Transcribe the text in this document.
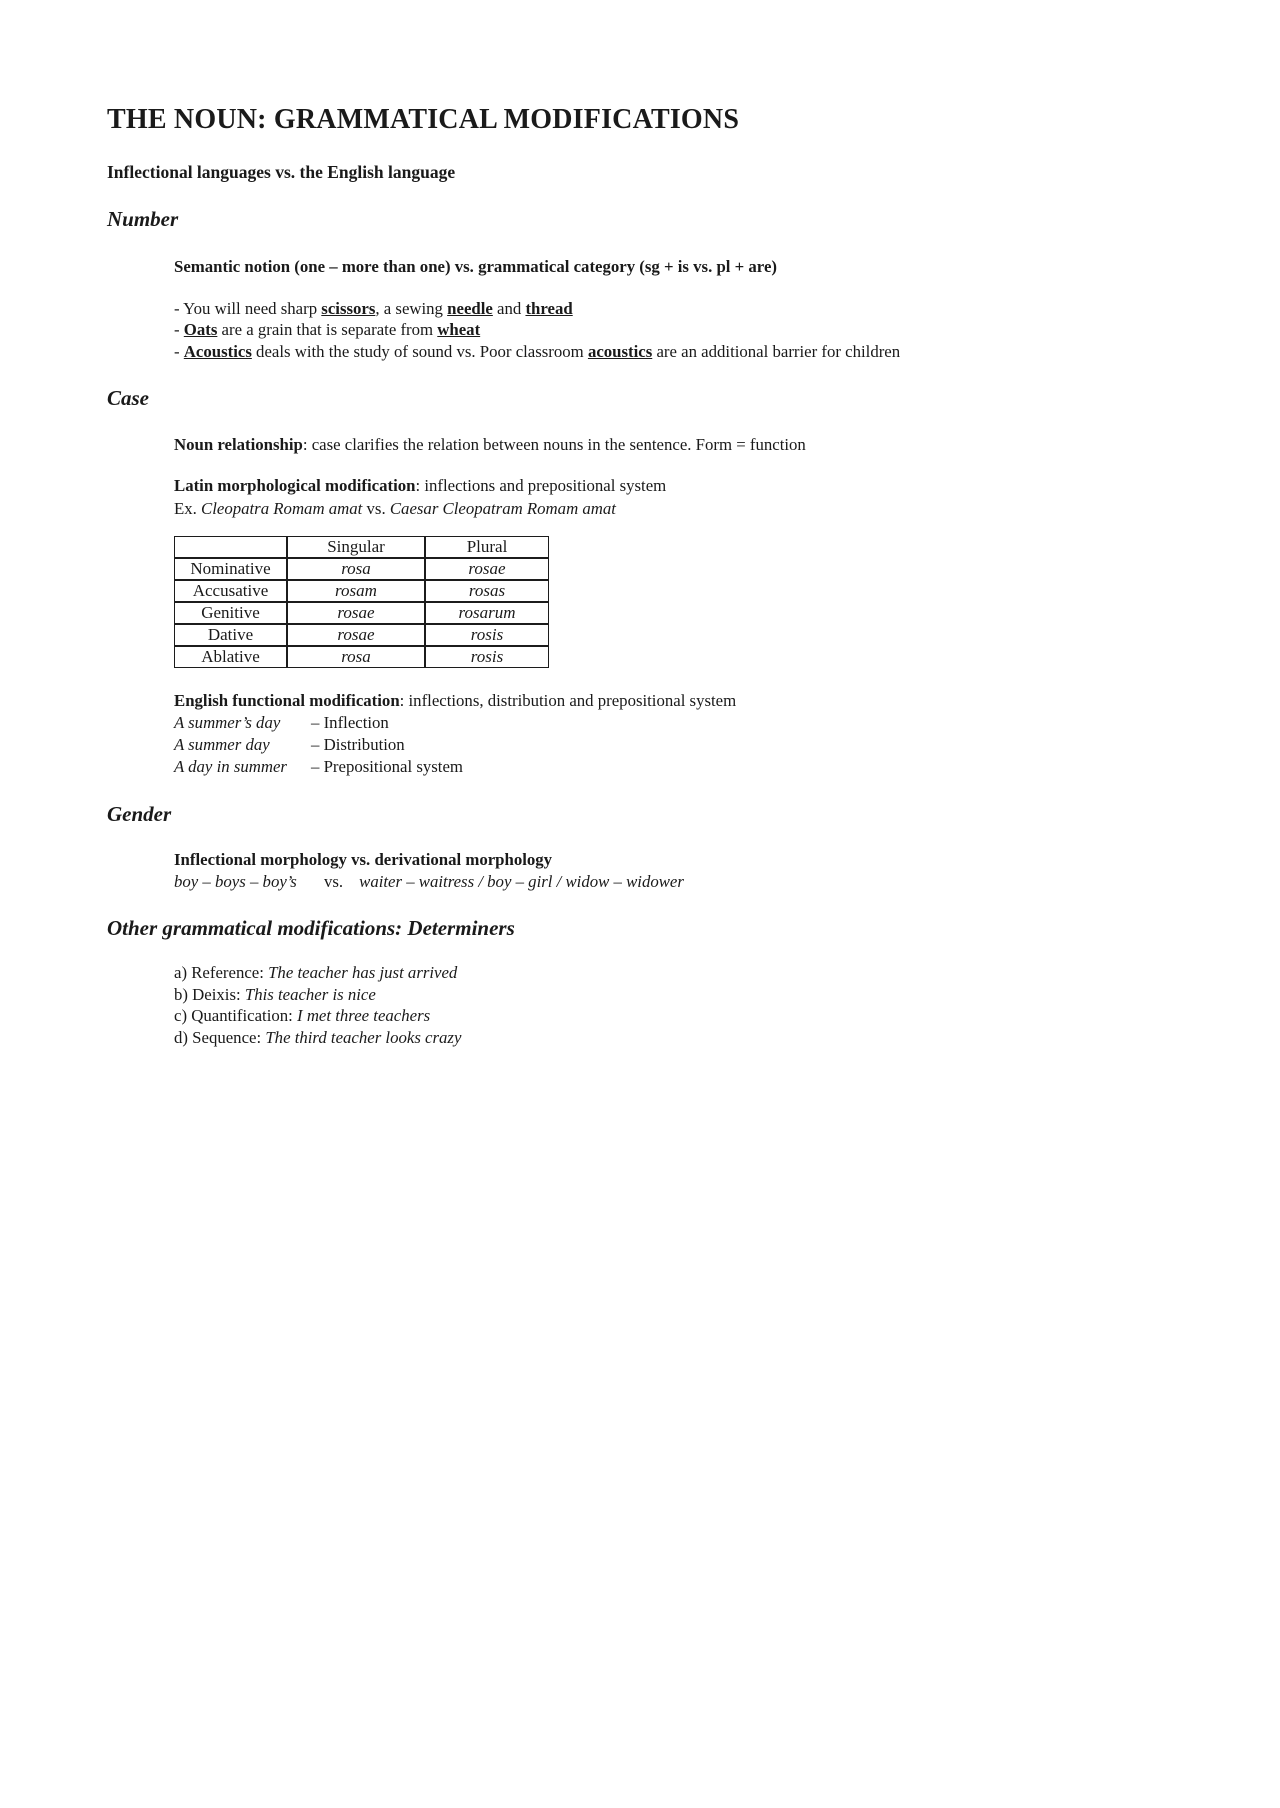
THE NOUN: GRAMMATICAL MODIFICATIONS

Inflectional languages vs. the English language

Number

Semantic notion (one – more than one) vs. grammatical category (sg + is vs. pl + are)

- You will need sharp scissors, a sewing needle and thread

- Oats are a grain that is separate from wheat

- Acoustics deals with the study of sound vs. Poor classroom acoustics are an additional barrier for children

Case

Noun relationship: case clarifies the relation between nouns in the sentence. Form = function

Latin morphological modification: inflections and prepositional system

Ex. Cleopatra Romam amat vs. Caesar Cleopatram Romam amat

	Singular	Plural
Nominative	rosa	rosae
Accusative	rosam	rosas
Genitive	rosae	rosarum
Dative	rosae	rosis
Ablative	rosa	rosis

English functional modification: inflections, distribution and prepositional system

A summer’s day – Inflection

A summer day – Distribution

A day in summer – Prepositional system

Gender

Inflectional morphology vs. derivational morphology

boy – boys – boy’s vs. waiter – waitress / boy – girl / widow – widower

Other grammatical modifications: Determiners

a) Reference: The teacher has just arrived

b) Deixis: This teacher is nice

c) Quantification: I met three teachers

d) Sequence: The third teacher looks crazy
